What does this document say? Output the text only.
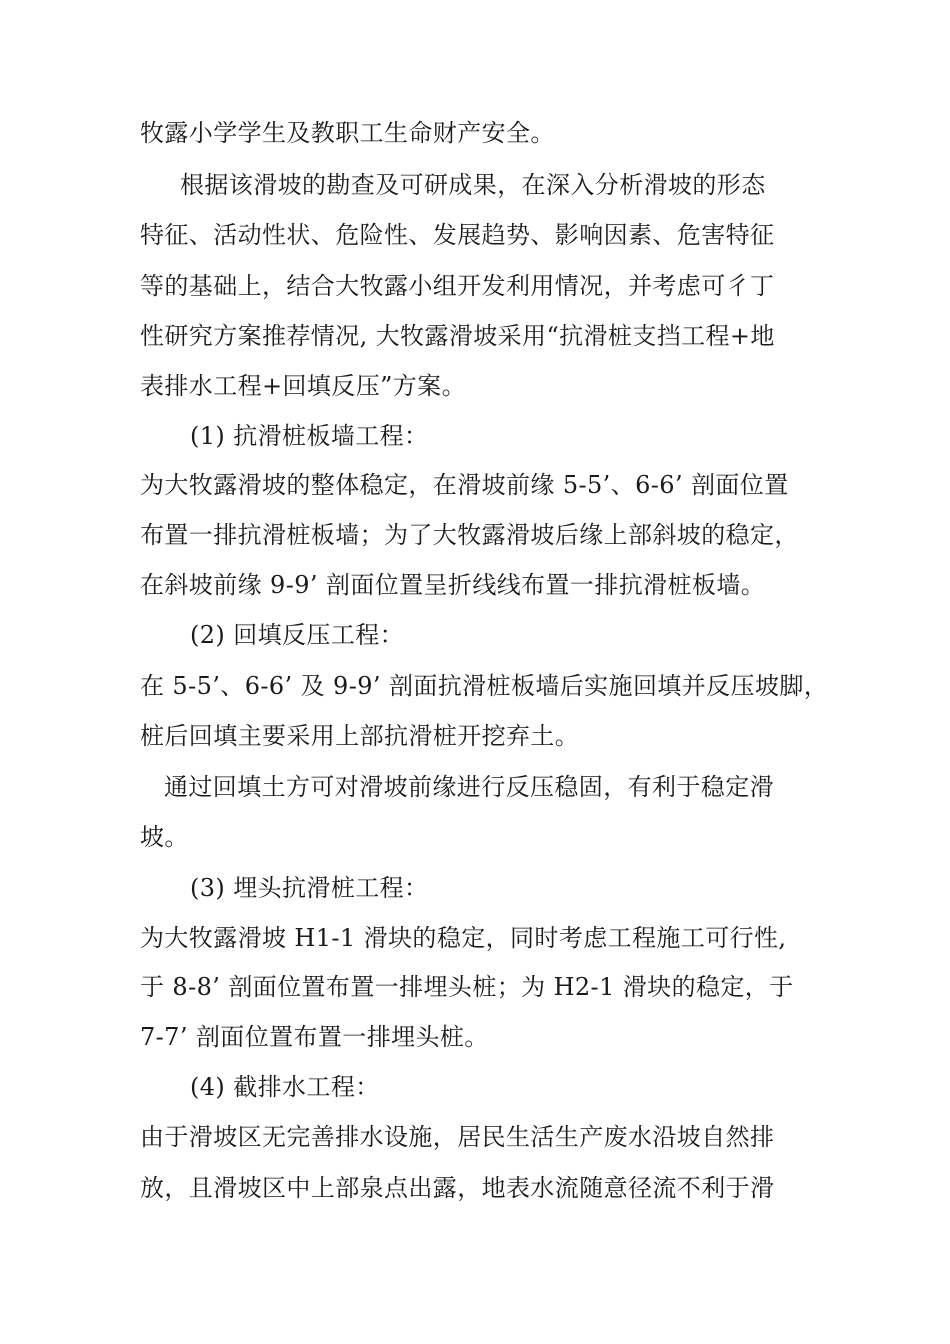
牧露小学学生及教职工生命财产安全。
根据该滑坡的勘查及可研成果，在深入分析滑坡的形态
特征、活动性状、危险性、发展趋势、影响因素、危害特征
等的基础上，结合大牧露小组开发利用情况，并考虑可彳丁
性研究方案推荐情况, 大牧露滑坡采用“抗滑桩支挡工程+地
表排水工程+回填反压”方案。
(1) 抗滑桩板墙工程：
为大牧露滑坡的整体稳定，在滑坡前缘 5-5’、6-6’ 剖面位置
布置一排抗滑桩板墙；为了大牧露滑坡后缘上部斜坡的稳定，
在斜坡前缘 9-9’ 剖面位置呈折线线布置一排抗滑桩板墙。
(2) 回填反压工程：
在 5-5’、6-6’ 及 9-9’ 剖面抗滑桩板墙后实施回填并反压坡脚，
桩后回填主要采用上部抗滑桩开挖弃土。
通过回填土方可对滑坡前缘进行反压稳固，有利于稳定滑
坡。
(3) 埋头抗滑桩工程：
为大牧露滑坡 H1-1 滑块的稳定，同时考虑工程施工可行性,
于 8-8’ 剖面位置布置一排埋头桩；为 H2-1 滑块的稳定，于
7-7’ 剖面位置布置一排埋头桩。
(4) 截排水工程：
由于滑坡区无完善排水设施，居民生活生产废水沿坡自然排
放，且滑坡区中上部泉点出露，地表水流随意径流不利于滑
